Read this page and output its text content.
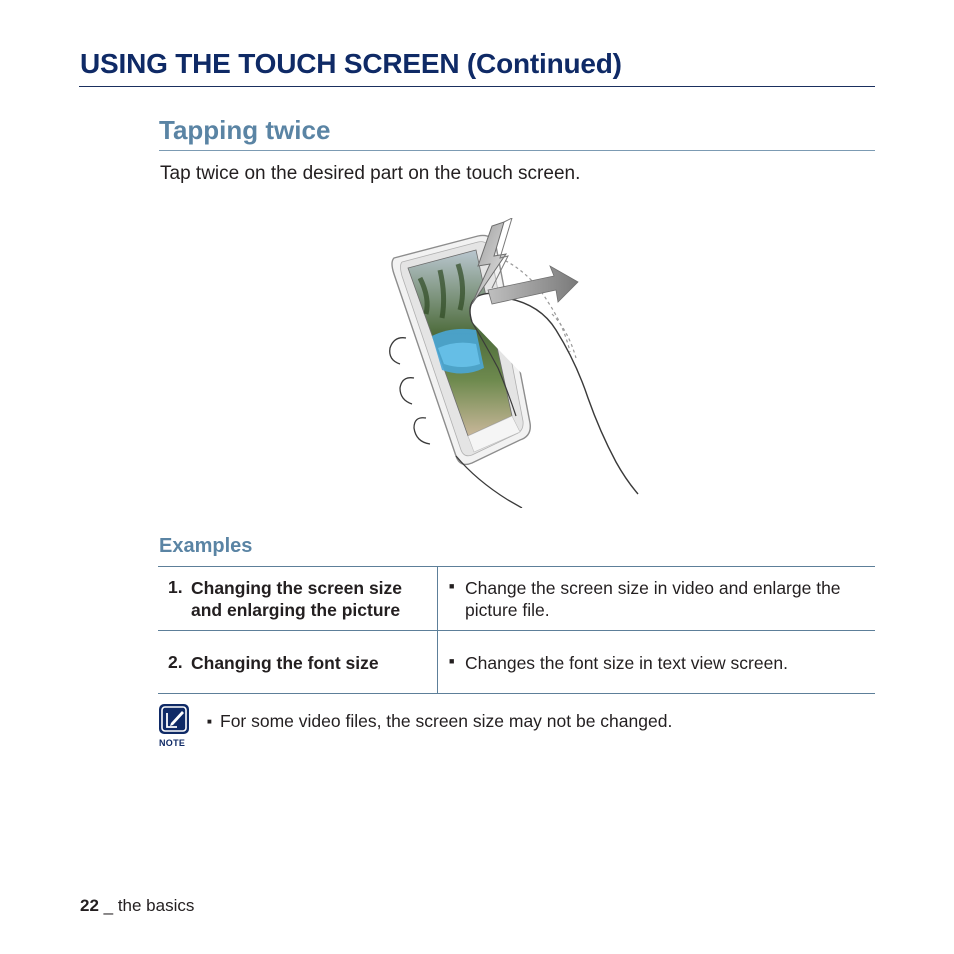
USING THE TOUCH SCREEN (Continued)
Tapping twice
Tap twice on the desired part on the touch screen.
Examples
1. Changing the screen size and enlarging the picture
■ Change the screen size in video and enlarge the picture file.
2. Changing the font size	■ Changes the font size in text view screen.
NOTE
■ For some video files, the screen size may not be changed.
22 _ the basics
